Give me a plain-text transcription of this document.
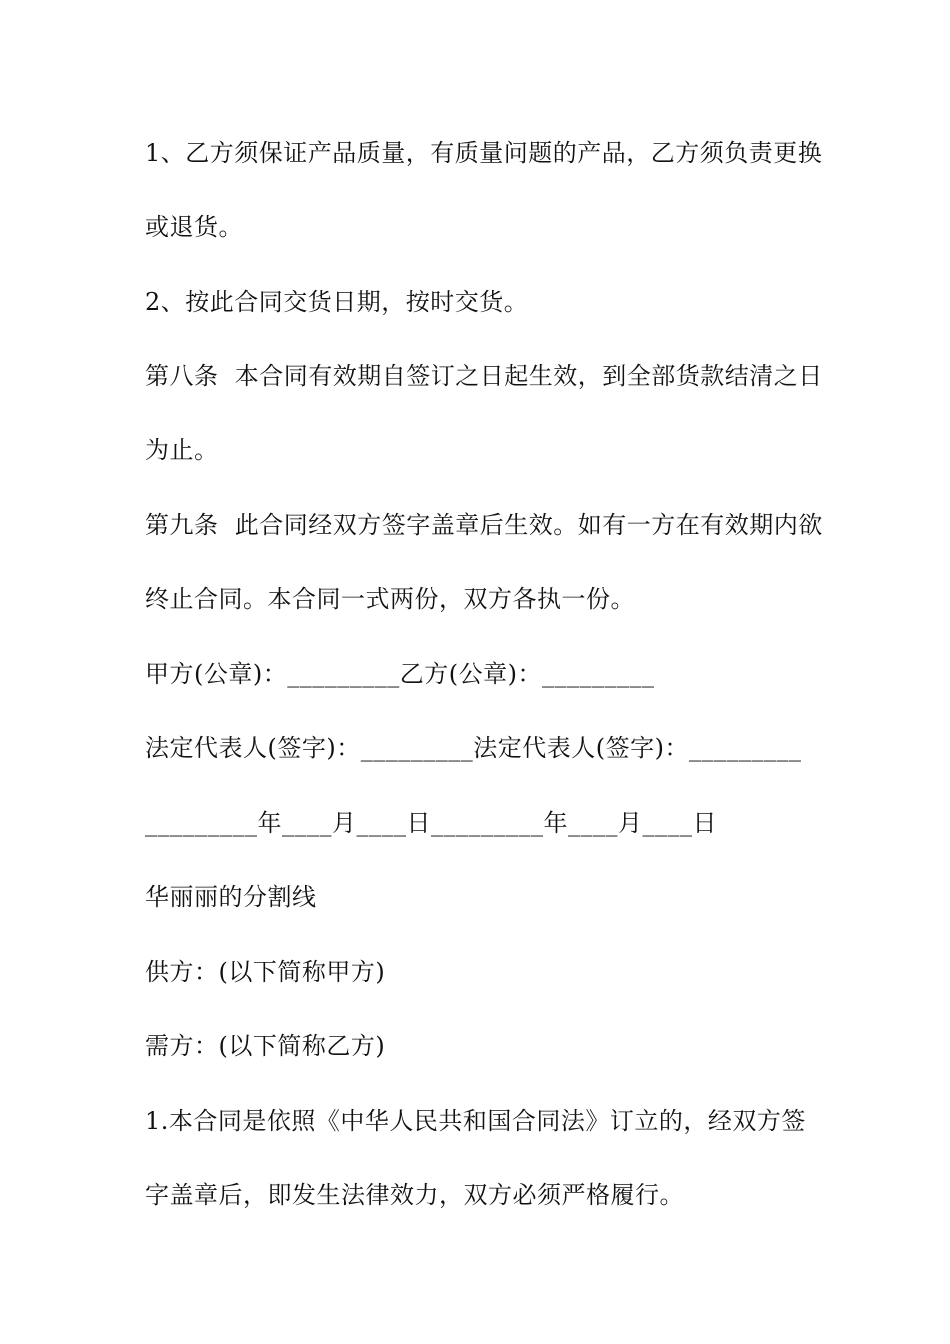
1、乙方须保证产品质量，有质量问题的产品，乙方须负责更换
或退货。
2、按此合同交货日期，按时交货。
第八条  本合同有效期自签订之日起生效，到全部货款结清之日
为止。
第九条  此合同经双方签字盖章后生效。如有一方在有效期内欲
终止合同。本合同一式两份，双方各执一份。
甲方(公章)：_________乙方(公章)：_________
法定代表人(签字)：_________法定代表人(签字)：_________
_________年____月____日_________年____月____日
华丽丽的分割线
供方：(以下简称甲方)
需方：(以下简称乙方)
1.本合同是依照《中华人民共和国合同法》订立的，经双方签
字盖章后，即发生法律效力，双方必须严格履行。
